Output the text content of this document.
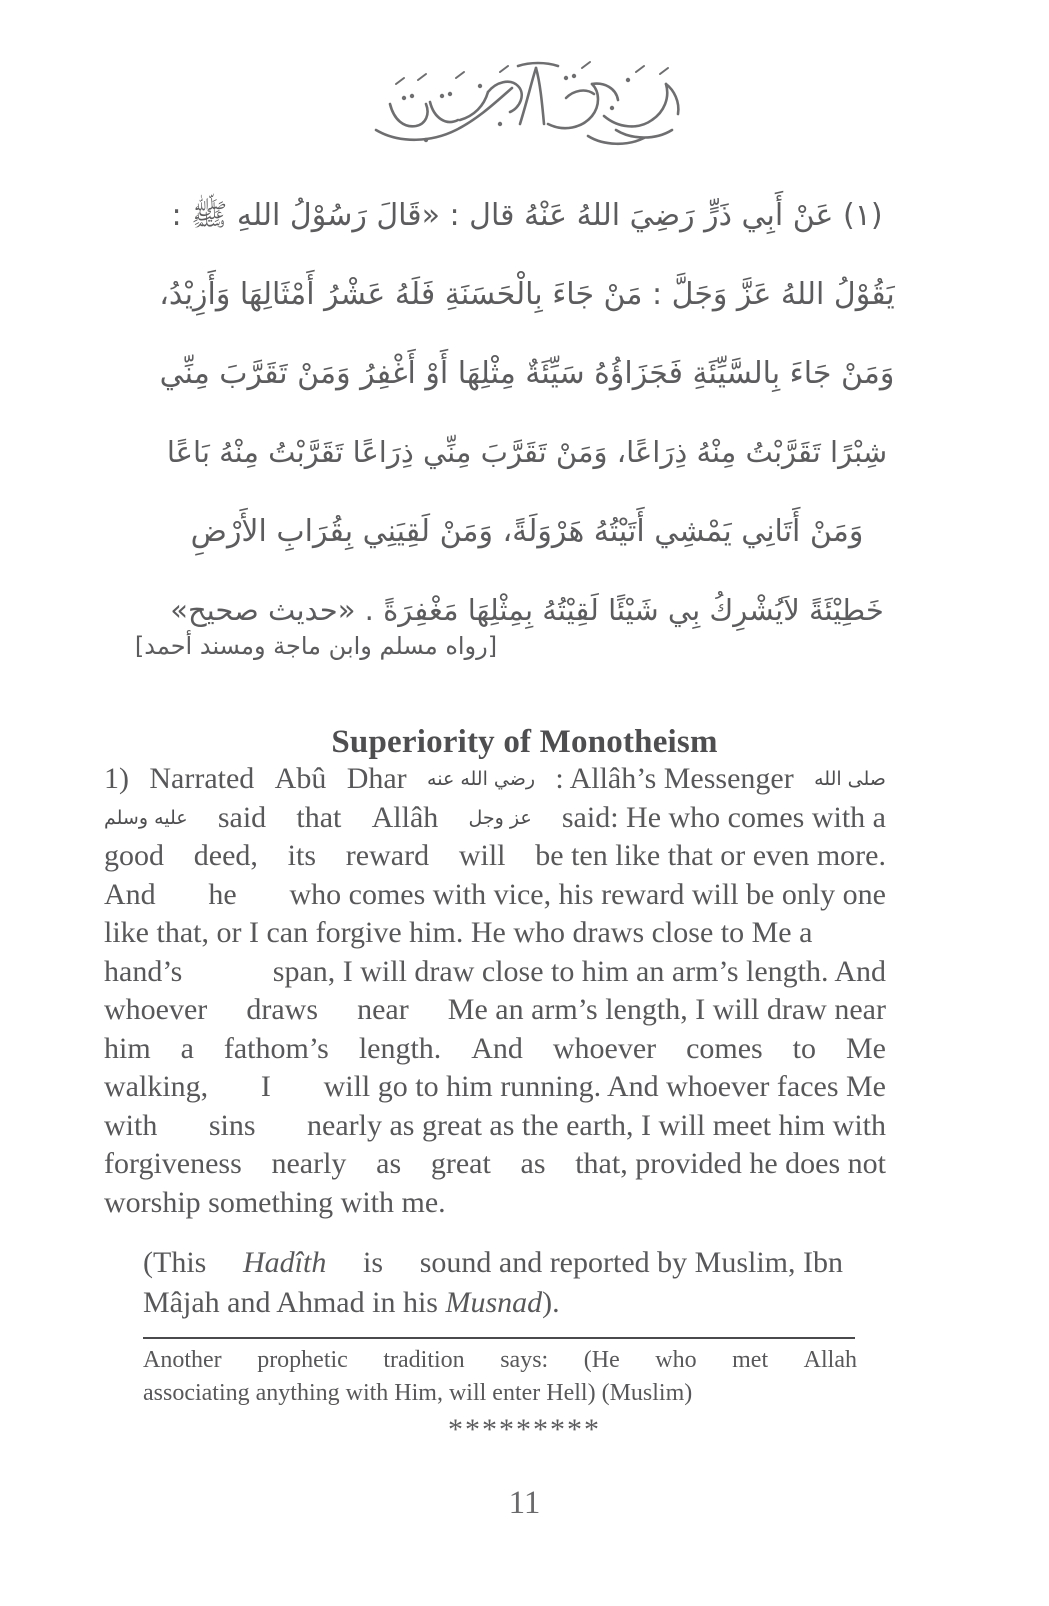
(١) عَنْ أَبِي ذَرٍّ رَضِيَ اللهُ عَنْهُ قال : «قَالَ رَسُوْلُ اللهِ ﷺ :
يَقُوْلُ اللهُ عَزَّ وَجَلَّ : مَنْ جَاءَ بِالْحَسَنَةِ فَلَهُ عَشْرُ أَمْثَالِهَا وَأَزِيْدُ،
وَمَنْ جَاءَ بِالسَّيِّئَةِ فَجَزَاؤُهُ سَيِّئَةٌ مِثْلِهَا أَوْ أَغْفِرُ وَمَنْ تَقَرَّبَ مِنِّي
شِبْرًا تَقَرَّبْتُ مِنْهُ ذِرَاعًا، وَمَنْ تَقَرَّبَ مِنِّي ذِرَاعًا تَقَرَّبْتُ مِنْهُ بَاعًا
وَمَنْ أَتَانِي يَمْشِي أَتَيْتُهُ هَرْوَلَةً، وَمَنْ لَقِيَنِي بِقُرَابِ الأَرْضِ
خَطِيْئَةً لاَيُشْرِكُ بِي شَيْئًا لَقِيْتُهُ بِمِثْلِهَا مَغْفِرَةً . «حديث صحيح»
[رواه مسلم وابن ماجة ومسند أحمد]
Superiority of Monotheism
1) Narrated Abû Dhar رضي الله عنه : Allâh’s Messenger صلى الله
عليه وسلم said that Allâh عز وجل said: He who comes with a
good deed, its reward will be ten like that or even more.
And he who comes with vice, his reward will be only one
like that, or I can forgive him. He who draws close to Me a
hand’s	span, I will draw close to him an arm’s length. And
whoever draws near Me an arm’s length, I will draw near
him a fathom’s length. And whoever comes to Me
walking, I will go to him running. And whoever faces Me
with sins nearly as great as the earth, I will meet him with
forgiveness nearly as great as that, provided he does not
worship something with me.
(This Hadîth is sound and reported by Muslim, Ibn
Mâjah and Ahmad in his Musnad).
Another prophetic tradition says: (He who met Allah
associating anything with Him, will enter Hell) (Muslim)
*********
11
